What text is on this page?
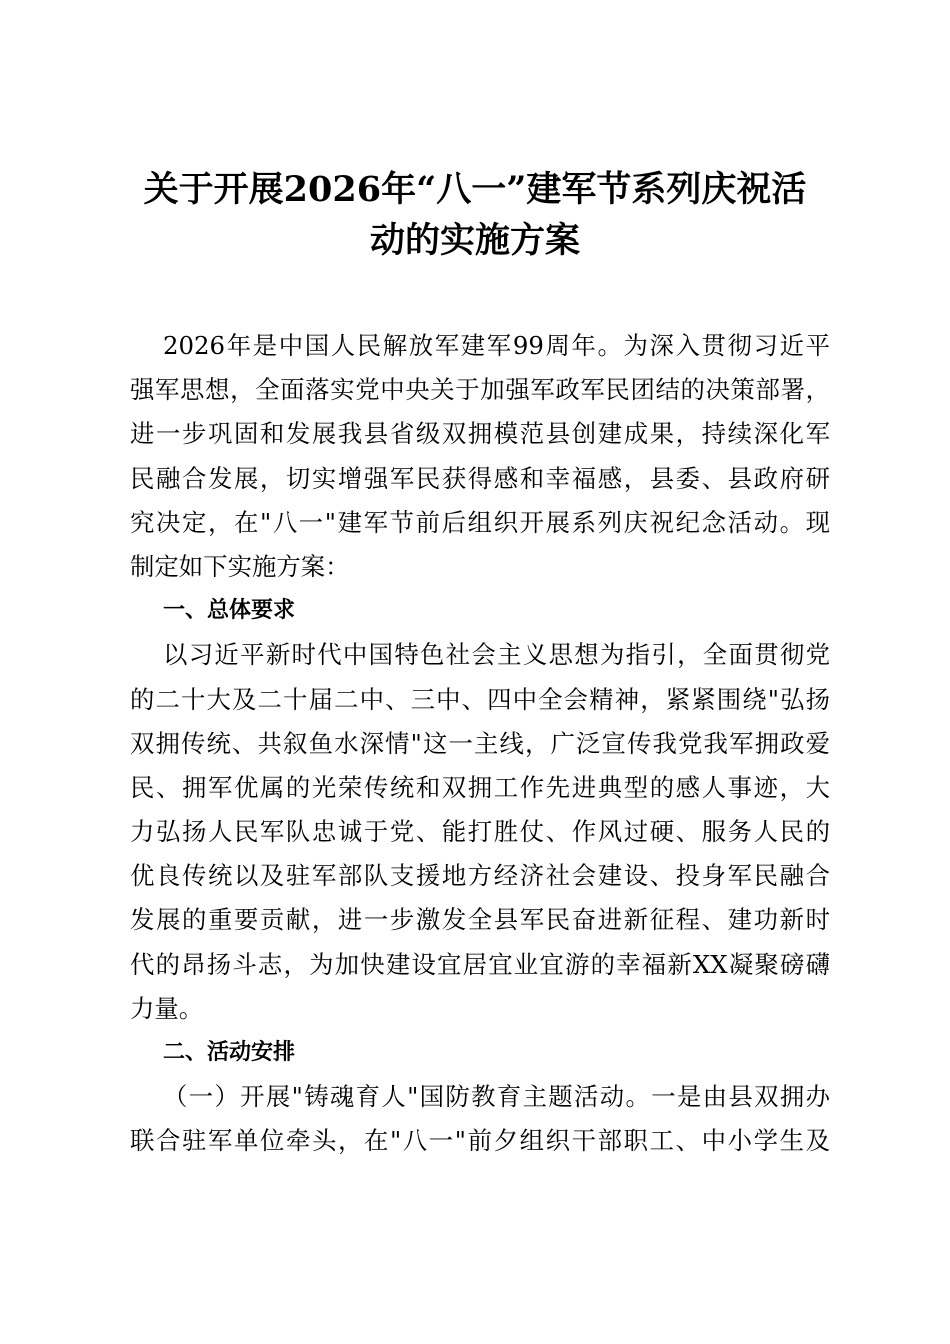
关于开展2026年“八一”建军节系列庆祝活
动的实施方案
2026年是中国人民解放军建军99周年。为深入贯彻习近平
强军思想，全面落实党中央关于加强军政军民团结的决策部署，
进一步巩固和发展我县省级双拥模范县创建成果，持续深化军
民融合发展，切实增强军民获得感和幸福感，县委、县政府研
究决定，在"八一"建军节前后组织开展系列庆祝纪念活动。现
制定如下实施方案：
一、总体要求
以习近平新时代中国特色社会主义思想为指引，全面贯彻党
的二十大及二十届二中、三中、四中全会精神，紧紧围绕"弘扬
双拥传统、共叙鱼水深情"这一主线，广泛宣传我党我军拥政爱
民、拥军优属的光荣传统和双拥工作先进典型的感人事迹，大
力弘扬人民军队忠诚于党、能打胜仗、作风过硬、服务人民的
优良传统以及驻军部队支援地方经济社会建设、投身军民融合
发展的重要贡献，进一步激发全县军民奋进新征程、建功新时
代的昂扬斗志，为加快建设宜居宜业宜游的幸福新XX凝聚磅礴
力量。
二、活动安排
（一）开展"铸魂育人"国防教育主题活动。一是由县双拥办
联合驻军单位牵头，在"八一"前夕组织干部职工、中小学生及
